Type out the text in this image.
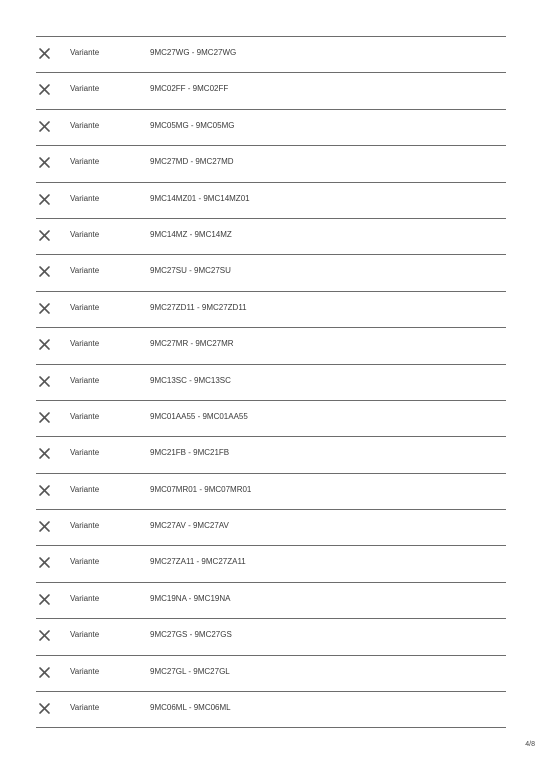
Variante	9MC27WG - 9MC27WG
Variante	9MC02FF - 9MC02FF
Variante	9MC05MG - 9MC05MG
Variante	9MC27MD - 9MC27MD
Variante	9MC14MZ01 - 9MC14MZ01
Variante	9MC14MZ - 9MC14MZ
Variante	9MC27SU - 9MC27SU
Variante	9MC27ZD11 - 9MC27ZD11
Variante	9MC27MR - 9MC27MR
Variante	9MC13SC - 9MC13SC
Variante	9MC01AA55 - 9MC01AA55
Variante	9MC21FB - 9MC21FB
Variante	9MC07MR01 - 9MC07MR01
Variante	9MC27AV - 9MC27AV
Variante	9MC27ZA11 - 9MC27ZA11
Variante	9MC19NA - 9MC19NA
Variante	9MC27GS - 9MC27GS
Variante	9MC27GL - 9MC27GL
Variante	9MC06ML - 9MC06ML
4/8
